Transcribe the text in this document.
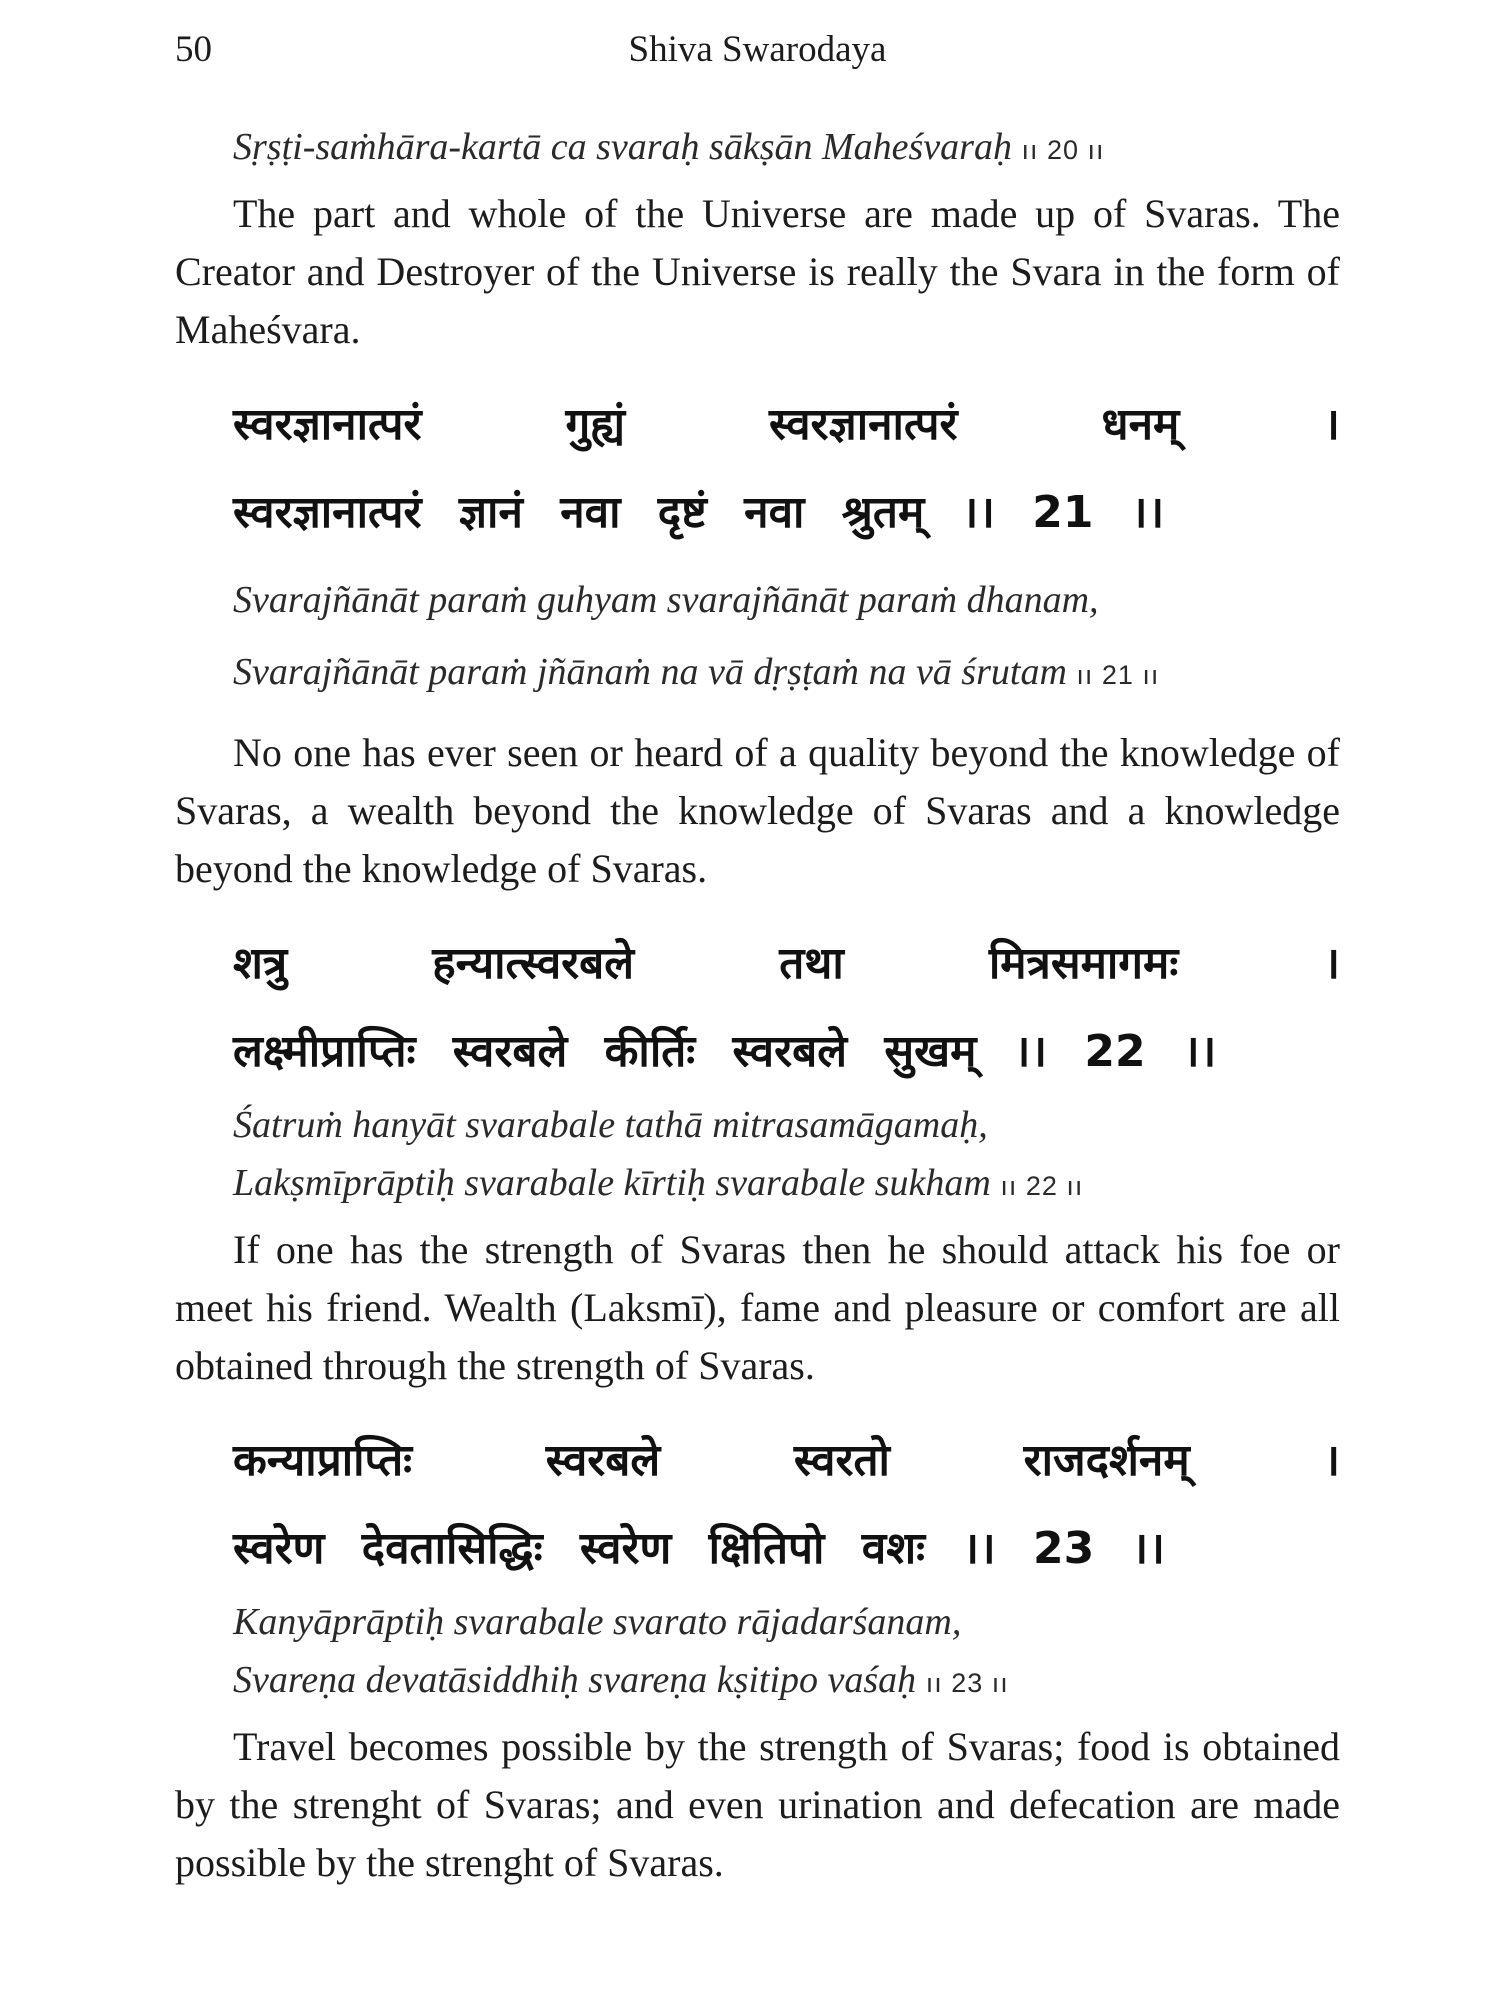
50	Shiva Swarodaya

Sṛṣṭi-saṁhāra-kartā ca svaraḥ sākṣān Maheśvaraḥ ıı 20 ıı

The part and whole of the Universe are made up of Svaras. The Creator and Destroyer of the Universe is really the Svara in the form of Maheśvara.

स्वरज्ञानात्परं गुह्यं स्वरज्ञानात्परं धनम् ।

स्वरज्ञानात्परं ज्ञानं नवा दृष्टं नवा श्रुतम् ।। 21 ।।

Svarajñānāt paraṁ guhyam svarajñānāt paraṁ dhanam,

Svarajñānāt paraṁ jñānaṁ na vā dṛṣṭaṁ na vā śrutam ıı 21 ıı

No one has ever seen or heard of a quality beyond the knowledge of Svaras, a wealth beyond the knowledge of Svaras and a knowledge beyond the knowledge of Svaras.

शत्रु हन्यात्स्वरबले तथा मित्रसमागमः ।

लक्ष्मीप्राप्तिः स्वरबले कीर्तिः स्वरबले सुखम् ।। 22 ।।

Śatruṁ hanyāt svarabale tathā mitrasamāgamaḥ,

Lakṣmīprāptiḥ svarabale kīrtiḥ svarabale sukham ıı 22 ıı

If one has the strength of Svaras then he should attack his foe or meet his friend. Wealth (Laksmī), fame and pleasure or comfort are all obtained through the strength of Svaras.

कन्याप्राप्तिः स्वरबले स्वरतो राजदर्शनम् ।

स्वरेण देवतासिद्धिः स्वरेण क्षितिपो वशः ।। 23 ।।

Kanyāprāptiḥ svarabale svarato rājadarśanam,

Svareṇa devatāsiddhiḥ svareṇa kṣitipo vaśaḥ ıı 23 ıı

Travel becomes possible by the strength of Svaras; food is obtained by the strenght of Svaras; and even urination and defecation are made possible by the strenght of Svaras.
